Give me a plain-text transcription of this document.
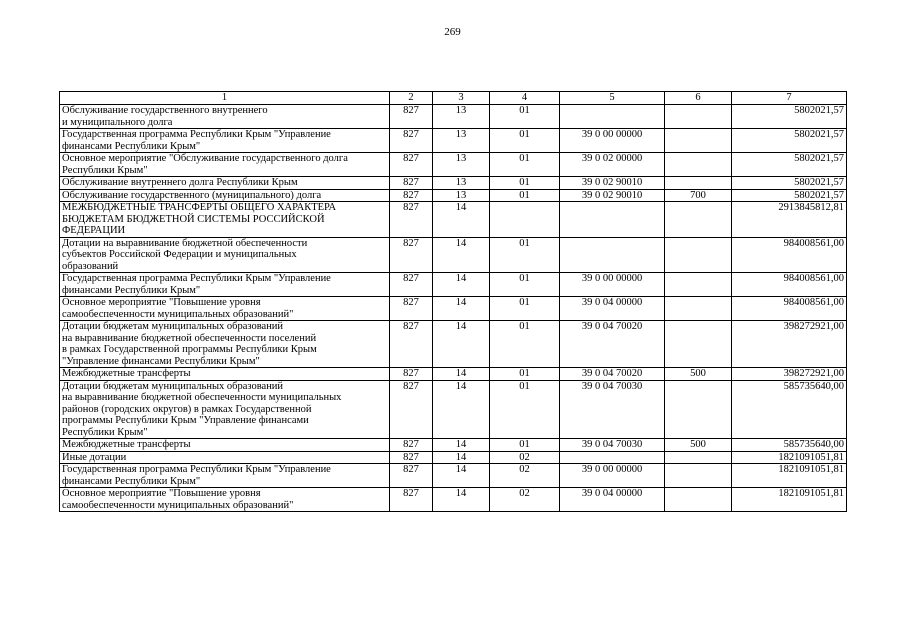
269
1	2	3	4	5	6	7
Обслуживание государственного внутреннего
и муниципального долга	827	13	01			5802021,57
Государственная программа Республики Крым "Управление
финансами Республики Крым"	827	13	01	39 0 00 00000		5802021,57
Основное мероприятие "Обслуживание государственного долга
Республики Крым"	827	13	01	39 0 02 00000		5802021,57
Обслуживание внутреннего долга Республики Крым	827	13	01	39 0 02 90010		5802021,57
Обслуживание государственного (муниципального) долга	827	13	01	39 0 02 90010	700	5802021,57
МЕЖБЮДЖЕТНЫЕ ТРАНСФЕРТЫ ОБЩЕГО ХАРАКТЕРА
БЮДЖЕТАМ БЮДЖЕТНОЙ СИСТЕМЫ РОССИЙСКОЙ
ФЕДЕРАЦИИ	827	14				2913845812,81
Дотации на выравнивание бюджетной обеспеченности
субъектов Российской Федерации и муниципальных
образований	827	14	01			984008561,00
Государственная программа Республики Крым "Управление
финансами Республики Крым"	827	14	01	39 0 00 00000		984008561,00
Основное мероприятие "Повышение уровня
самообеспеченности муниципальных образований"	827	14	01	39 0 04 00000		984008561,00
Дотации бюджетам муниципальных образований
на выравнивание бюджетной обеспеченности поселений
в рамках Государственной программы Республики Крым
"Управление финансами Республики Крым"	827	14	01	39 0 04 70020		398272921,00
Межбюджетные трансферты	827	14	01	39 0 04 70020	500	398272921,00
Дотации бюджетам муниципальных образований
на выравнивание бюджетной обеспеченности муниципальных
районов (городских округов) в рамках Государственной
программы Республики Крым "Управление финансами
Республики Крым"	827	14	01	39 0 04 70030		585735640,00
Межбюджетные трансферты	827	14	01	39 0 04 70030	500	585735640,00
Иные дотации	827	14	02			1821091051,81
Государственная программа Республики Крым "Управление
финансами Республики Крым"	827	14	02	39 0 00 00000		1821091051,81
Основное мероприятие "Повышение уровня
самообеспеченности муниципальных образований"	827	14	02	39 0 04 00000		1821091051,81
